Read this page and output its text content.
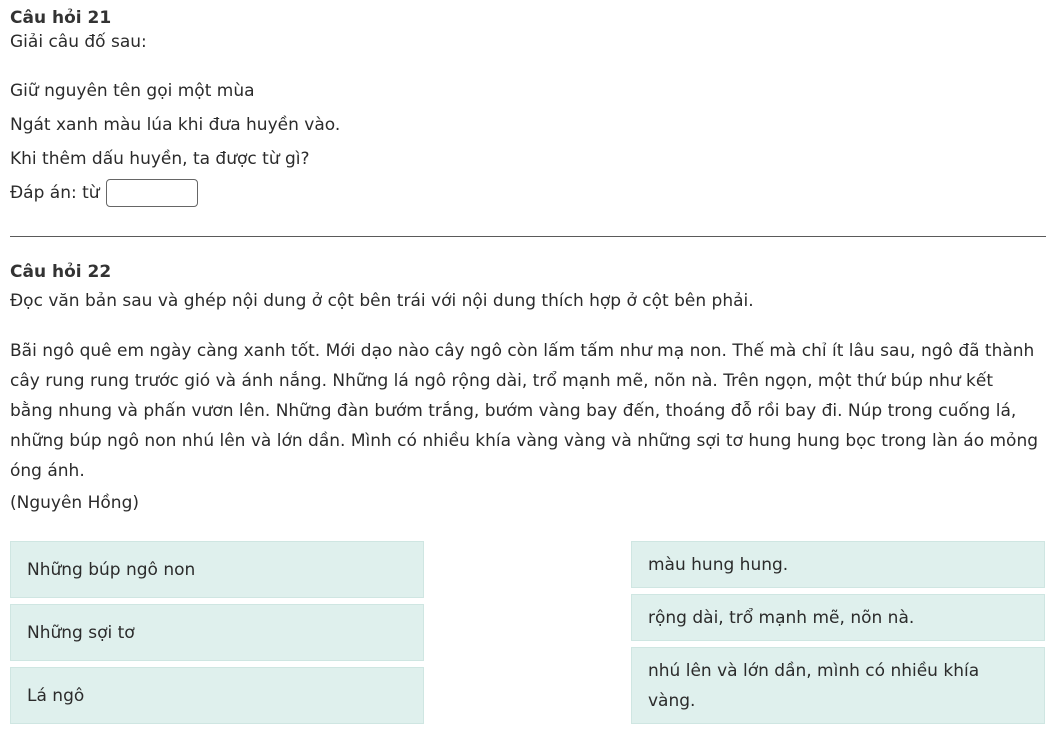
Câu hỏi 21
Giải câu đố sau:
Giữ nguyên tên gọi một mùa
Ngát xanh màu lúa khi đưa huyền vào.
Khi thêm dấu huyền, ta được từ gì?
Đáp án: từ
Câu hỏi 22
Đọc văn bản sau và ghép nội dung ở cột bên trái với nội dung thích hợp ở cột bên phải.
Bãi ngô quê em ngày càng xanh tốt. Mới dạo nào cây ngô còn lấm tấm như mạ non. Thế mà chỉ ít lâu sau, ngô đã thành cây rung rung trước gió và ánh nắng. Những lá ngô rộng dài, trổ mạnh mẽ, nõn nà. Trên ngọn, một thứ búp như kết bằng nhung và phấn vươn lên. Những đàn bướm trắng, bướm vàng bay đến, thoáng đỗ rồi bay đi. Núp trong cuống lá, những búp ngô non nhú lên và lớn dần. Mình có nhiều khía vàng vàng và những sợi tơ hung hung bọc trong làn áo mỏng óng ánh.
(Nguyên Hồng)
Những búp ngô non
Những sợi tơ
Lá ngô
màu hung hung.
rộng dài, trổ mạnh mẽ, nõn nà.
nhú lên và lớn dần, mình có nhiều khía vàng.
